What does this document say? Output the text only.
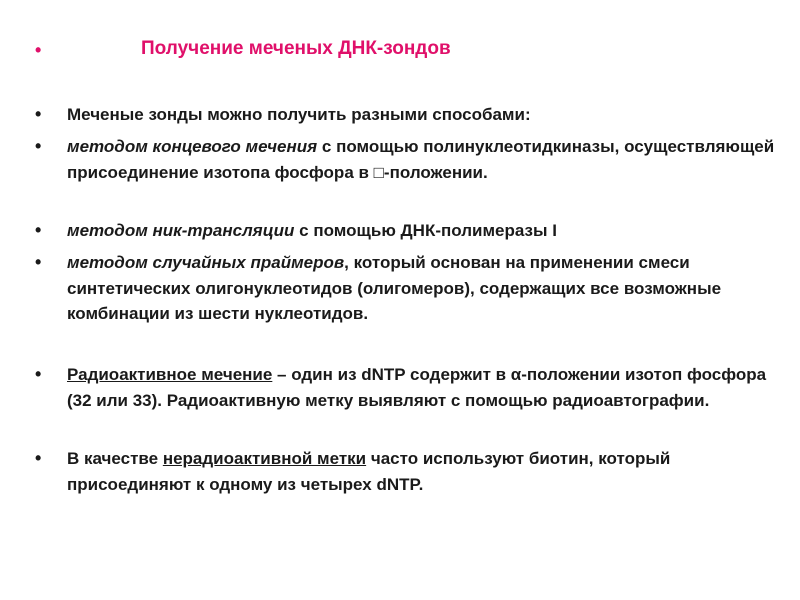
•	Получение меченых ДНК-зондов
• Меченые зонды можно получить разными способами:
• методом концевого мечения с помощью полинуклеотидкиназы, осуществляющей присоединение изотопа фосфора в □-положении.
• методом ник-трансляции с помощью ДНК-полимеразы I
• методом случайных праймеров, который основан на применении смеси синтетических олигонуклеотидов (олигомеров), содержащих все возможные комбинации из шести нуклеотидов.
• Радиоактивное мечение – один из dNTP содержит в α-положении изотоп фосфора (32 или 33). Радиоактивную метку выявляют с помощью радиоавтографии.
• В качестве нерадиоактивной метки часто используют биотин, который присоединяют к одному из четырех dNTP.
